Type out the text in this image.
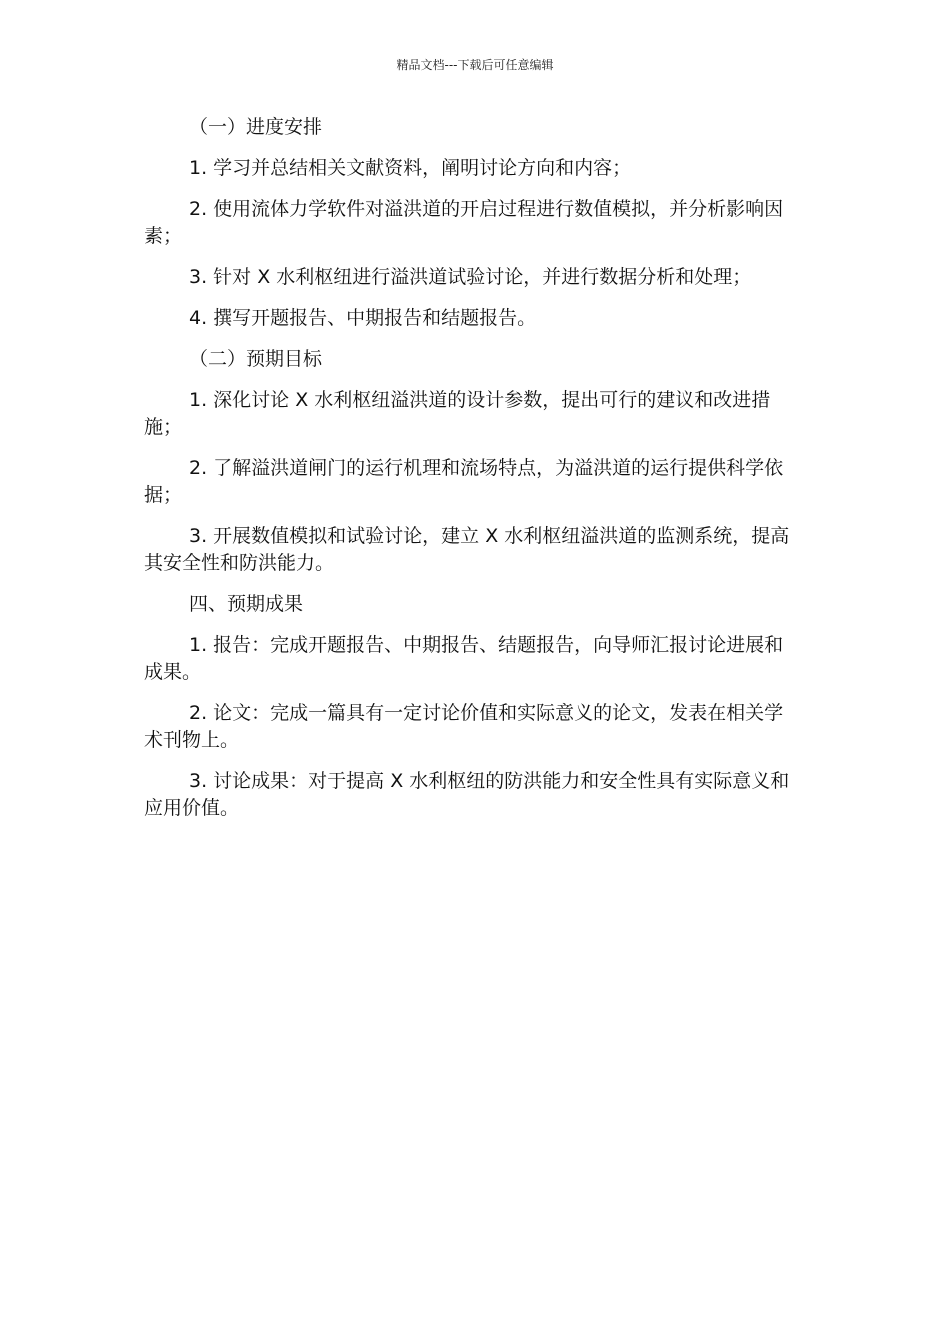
精品文档---下载后可任意编辑

（一）进度安排

1. 学习并总结相关文献资料，阐明讨论方向和内容；

2. 使用流体力学软件对溢洪道的开启过程进行数值模拟，并分析影响因素；

3. 针对 X 水利枢纽进行溢洪道试验讨论，并进行数据分析和处理；

4. 撰写开题报告、中期报告和结题报告。

（二）预期目标

1. 深化讨论 X 水利枢纽溢洪道的设计参数，提出可行的建议和改进措施；

2. 了解溢洪道闸门的运行机理和流场特点，为溢洪道的运行提供科学依据；

3. 开展数值模拟和试验讨论，建立 X 水利枢纽溢洪道的监测系统，提高其安全性和防洪能力。

四、预期成果

1. 报告：完成开题报告、中期报告、结题报告，向导师汇报讨论进展和成果。

2. 论文：完成一篇具有一定讨论价值和实际意义的论文，发表在相关学术刊物上。

3. 讨论成果：对于提高 X 水利枢纽的防洪能力和安全性具有实际意义和应用价值。
